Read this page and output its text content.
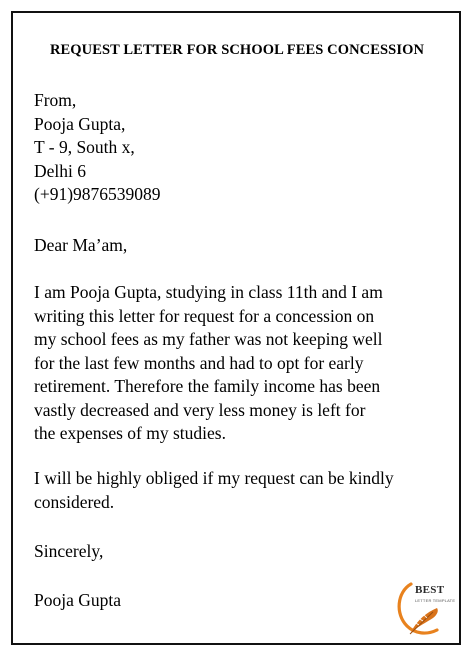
REQUEST LETTER FOR SCHOOL FEES CONCESSION
From,
Pooja Gupta,
T - 9, South x,
Delhi 6
(+91)9876539089
Dear Ma’am,
I am Pooja Gupta, studying in class 11th and I am
writing this letter for request for a concession on
my school fees as my father was not keeping well
for the last few months and had to opt for early
retirement. Therefore the family income has been
vastly decreased and very less money is left for
the expenses of my studies.
I will be highly obliged if my request can be kindly
considered.
Sincerely,
Pooja Gupta	BEST
LETTER TEMPLATE
